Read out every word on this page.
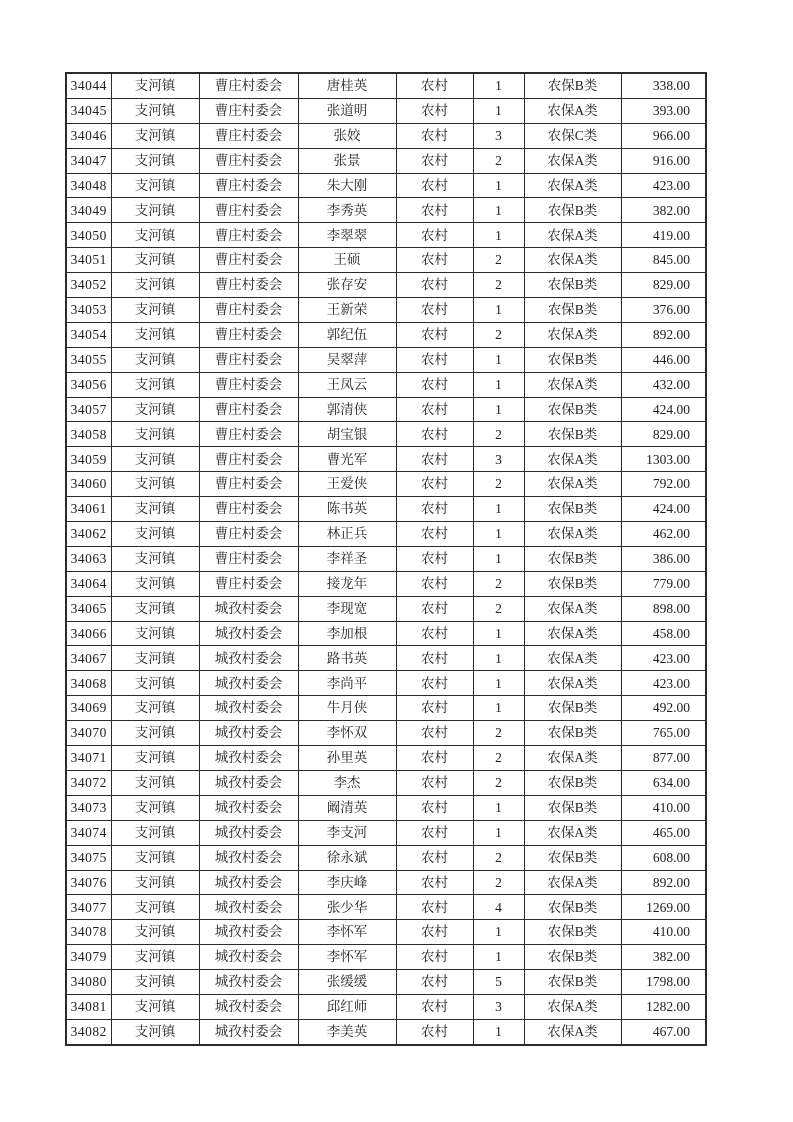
34044	支河镇	曹庄村委会	唐桂英	农村	1	农保B类	338.00
34045	支河镇	曹庄村委会	张道明	农村	1	农保A类	393.00
34046	支河镇	曹庄村委会	张姣	农村	3	农保C类	966.00
34047	支河镇	曹庄村委会	张景	农村	2	农保A类	916.00
34048	支河镇	曹庄村委会	朱大刚	农村	1	农保A类	423.00
34049	支河镇	曹庄村委会	李秀英	农村	1	农保B类	382.00
34050	支河镇	曹庄村委会	李翠翠	农村	1	农保A类	419.00
34051	支河镇	曹庄村委会	王硕	农村	2	农保A类	845.00
34052	支河镇	曹庄村委会	张存安	农村	2	农保B类	829.00
34053	支河镇	曹庄村委会	王新荣	农村	1	农保B类	376.00
34054	支河镇	曹庄村委会	郭纪伍	农村	2	农保A类	892.00
34055	支河镇	曹庄村委会	吴翠萍	农村	1	农保B类	446.00
34056	支河镇	曹庄村委会	王凤云	农村	1	农保A类	432.00
34057	支河镇	曹庄村委会	郭清侠	农村	1	农保B类	424.00
34058	支河镇	曹庄村委会	胡宝银	农村	2	农保B类	829.00
34059	支河镇	曹庄村委会	曹光军	农村	3	农保A类	1303.00
34060	支河镇	曹庄村委会	王爱侠	农村	2	农保A类	792.00
34061	支河镇	曹庄村委会	陈书英	农村	1	农保B类	424.00
34062	支河镇	曹庄村委会	林正兵	农村	1	农保A类	462.00
34063	支河镇	曹庄村委会	李祥圣	农村	1	农保B类	386.00
34064	支河镇	曹庄村委会	接龙年	农村	2	农保B类	779.00
34065	支河镇	城孜村委会	李现宽	农村	2	农保A类	898.00
34066	支河镇	城孜村委会	李加根	农村	1	农保A类	458.00
34067	支河镇	城孜村委会	路书英	农村	1	农保A类	423.00
34068	支河镇	城孜村委会	李尚平	农村	1	农保A类	423.00
34069	支河镇	城孜村委会	牛月侠	农村	1	农保B类	492.00
34070	支河镇	城孜村委会	李怀双	农村	2	农保B类	765.00
34071	支河镇	城孜村委会	孙里英	农村	2	农保A类	877.00
34072	支河镇	城孜村委会	李杰	农村	2	农保B类	634.00
34073	支河镇	城孜村委会	阚清英	农村	1	农保B类	410.00
34074	支河镇	城孜村委会	李支河	农村	1	农保A类	465.00
34075	支河镇	城孜村委会	徐永斌	农村	2	农保B类	608.00
34076	支河镇	城孜村委会	李庆峰	农村	2	农保A类	892.00
34077	支河镇	城孜村委会	张少华	农村	4	农保B类	1269.00
34078	支河镇	城孜村委会	李怀军	农村	1	农保B类	410.00
34079	支河镇	城孜村委会	李怀军	农村	1	农保B类	382.00
34080	支河镇	城孜村委会	张缓缓	农村	5	农保B类	1798.00
34081	支河镇	城孜村委会	邱红师	农村	3	农保A类	1282.00
34082	支河镇	城孜村委会	李美英	农村	1	农保A类	467.00
